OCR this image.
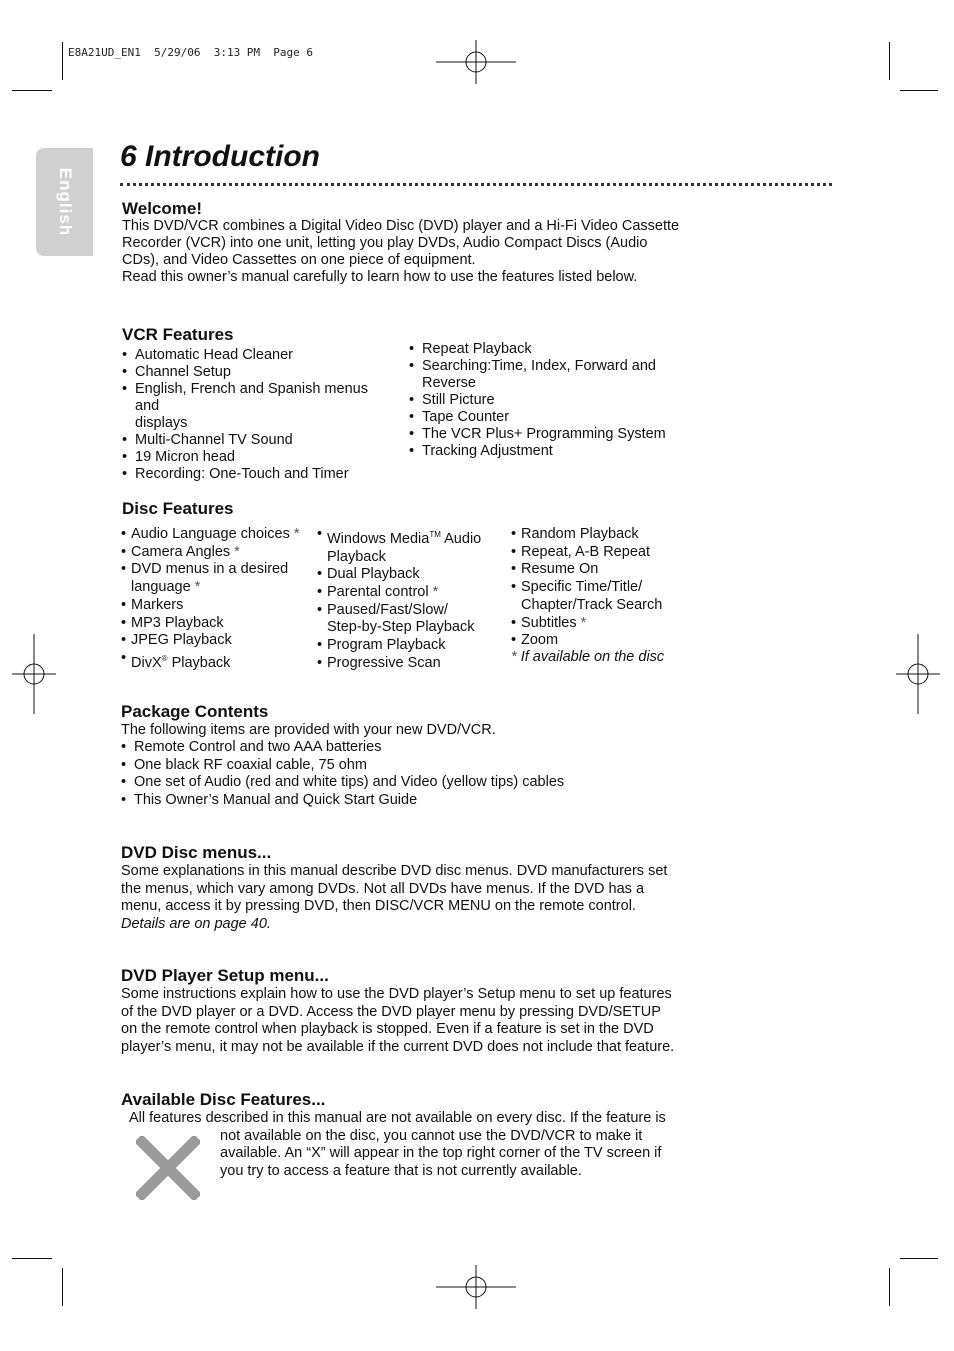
E8A21UD_EN1  5/29/06  3:13 PM  Page 6
English
6 Introduction
Welcome!
This DVD/VCR combines a Digital Video Disc (DVD) player and a Hi-Fi Video Cassette
Recorder (VCR) into one unit, letting you play DVDs, Audio Compact Discs (Audio
CDs), and Video Cassettes on one piece of equipment.
Read this owner’s manual carefully to learn how to use the features listed below.
VCR Features
• Automatic Head Cleaner
• Channel Setup
• English, French and Spanish menus and
displays
• Multi-Channel TV Sound
• 19 Micron head
• Recording: One-Touch and Timer
• Repeat Playback
• Searching:Time, Index, Forward and
Reverse
• Still Picture
• Tape Counter
• The VCR Plus+ Programming System
• Tracking Adjustment
Disc Features
• Audio Language choices *
• Camera Angles *
• DVD menus in a desired
language *
• Markers
• MP3 Playback
• JPEG Playback
• DivX® Playback
• Windows Media™ Audio
Playback
• Dual Playback
• Parental control *
• Paused/Fast/Slow/
Step-by-Step Playback
• Program Playback
• Progressive Scan
• Random Playback
• Repeat, A-B Repeat
• Resume On
• Specific Time/Title/
Chapter/Track Search
• Subtitles *
• Zoom
* If available on the disc
Package Contents
The following items are provided with your new DVD/VCR.
• Remote Control and two AAA batteries
• One black RF coaxial cable, 75 ohm
• One set of Audio (red and white tips) and Video (yellow tips) cables
• This Owner’s Manual and Quick Start Guide
DVD Disc menus...
Some explanations in this manual describe DVD disc menus. DVD manufacturers set
the menus, which vary among DVDs. Not all DVDs have menus. If the DVD has a
menu, access it by pressing DVD, then DISC/VCR MENU on the remote control.
Details are on page 40.
DVD Player Setup menu...
Some instructions explain how to use the DVD player’s Setup menu to set up features
of the DVD player or a DVD. Access the DVD player menu by pressing DVD/SETUP
on the remote control when playback is stopped. Even if a feature is set in the DVD
player’s menu, it may not be available if the current DVD does not include that feature.
Available Disc Features...
All features described in this manual are not available on every disc. If the feature is
not available on the disc, you cannot use the DVD/VCR to make it
available. An “X” will appear in the top right corner of the TV screen if
you try to access a feature that is not currently available.
